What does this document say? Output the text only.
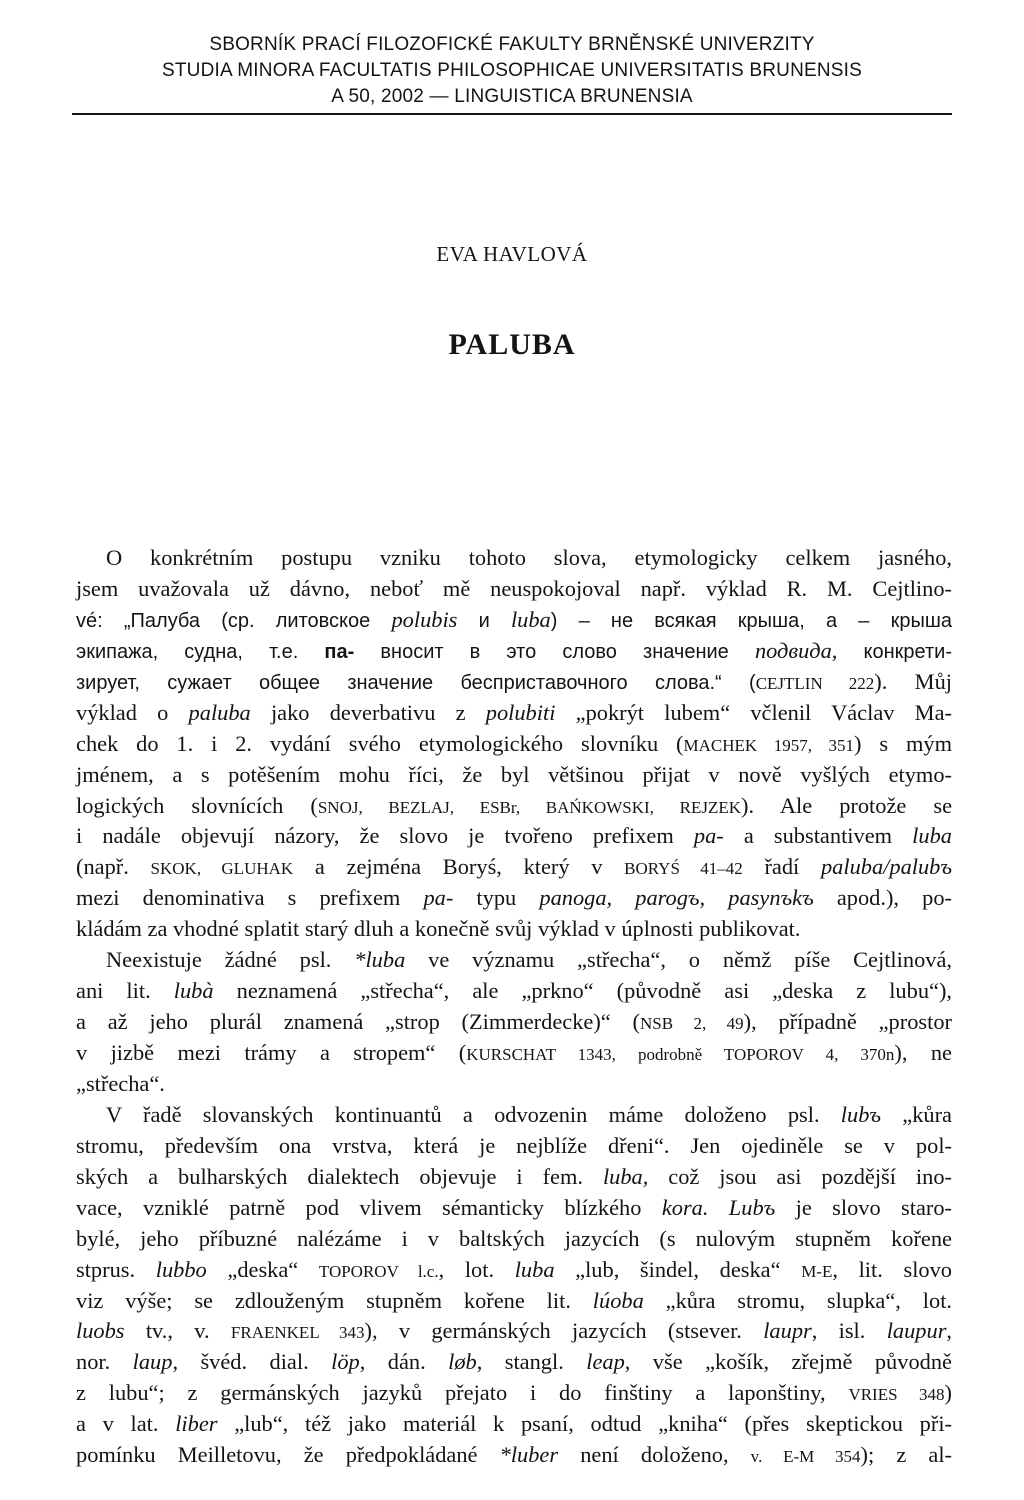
SBORNÍK PRACÍ FILOZOFICKÉ FAKULTY BRNĚNSKÉ UNIVERZITY
STUDIA MINORA FACULTATIS PHILOSOPHICAE UNIVERSITATIS BRUNENSIS
A 50, 2002 — LINGUISTICA BRUNENSIA
EVA HAVLOVÁ
PALUBA
O konkrétním postupu vzniku tohoto slova, etymologicky celkem jasného,
jsem uvažovala už dávno, neboť mě neuspokojoval např. výklad R. M. Cejtlino-
vé: „Палуба (ср. литовское polubis и luba) – не всякая крыша, а – крыша
экипажа, судна, т.е. па- вносит в это слово значение подвида, конкрети-
зирует, сужает общее значение бесприставочного слова.“ (CEJTLIN 222). Můj
výklad o paluba jako deverbativu z polubiti „pokrýt lubem“ včlenil Václav Ma-
chek do 1. i 2. vydání svého etymologického slovníku (MACHEK 1957, 351) s mým
jménem, a s potěšením mohu říci, že byl většinou přijat v nově vyšlých etymo-
logických slovnících (SNOJ, BEZLAJ, ESBr, BAŃKOWSKI, REJZEK). Ale protože se
i nadále objevují názory, že slovo je tvořeno prefixem pa- a substantivem luba
(např. SKOK, GLUHAK a zejména Boryś, který v BORYŚ 41–42 řadí paluba/palubъ
mezi denominativa s prefixem pa- typu panoga, parogъ, pasynъkъ apod.), po-
kládám za vhodné splatit starý dluh a konečně svůj výklad v úplnosti publikovat.
Neexistuje žádné psl. *luba ve významu „střecha“, o němž píše Cejtlinová,
ani lit. lubà neznamená „střecha“, ale „prkno“ (původně asi „deska z lubu“),
a až jeho plurál znamená „strop (Zimmerdecke)“ (NSB 2, 49), případně „prostor
v jizbě mezi trámy a stropem“ (KURSCHAT 1343, podrobně TOPOROV 4, 370n), ne
„střecha“.
V řadě slovanských kontinuantů a odvozenin máme doloženo psl. lubъ „kůra
stromu, především ona vrstva, která je nejblíže dřeni“. Jen ojediněle se v pol-
ských a bulharských dialektech objevuje i fem. luba, což jsou asi pozdější ino-
vace, vzniklé patrně pod vlivem sémanticky blízkého kora. Lubъ je slovo staro-
bylé, jeho příbuzné nalézáme i v baltských jazycích (s nulovým stupněm kořene
stprus. lubbo „deska“ TOPOROV l.c., lot. luba „lub, šindel, deska“ M-E, lit. slovo
viz výše; se zdlouženým stupněm kořene lit. lúoba „kůra stromu, slupka“, lot.
luobs tv., v. FRAENKEL 343), v germánských jazycích (stsever. laupr, isl. laupur,
nor. laup, švéd. dial. löp, dán. løb, stangl. leap, vše „košík, zřejmě původně
z lubu“; z germánských jazyků přejato i do finštiny a laponštiny, VRIES 348)
a v lat. liber „lub“, též jako materiál k psaní, odtud „kniha“ (přes skeptickou při-
pomínku Meilletovu, že předpokládané *luber není doloženo, v. E-M 354); z al-
